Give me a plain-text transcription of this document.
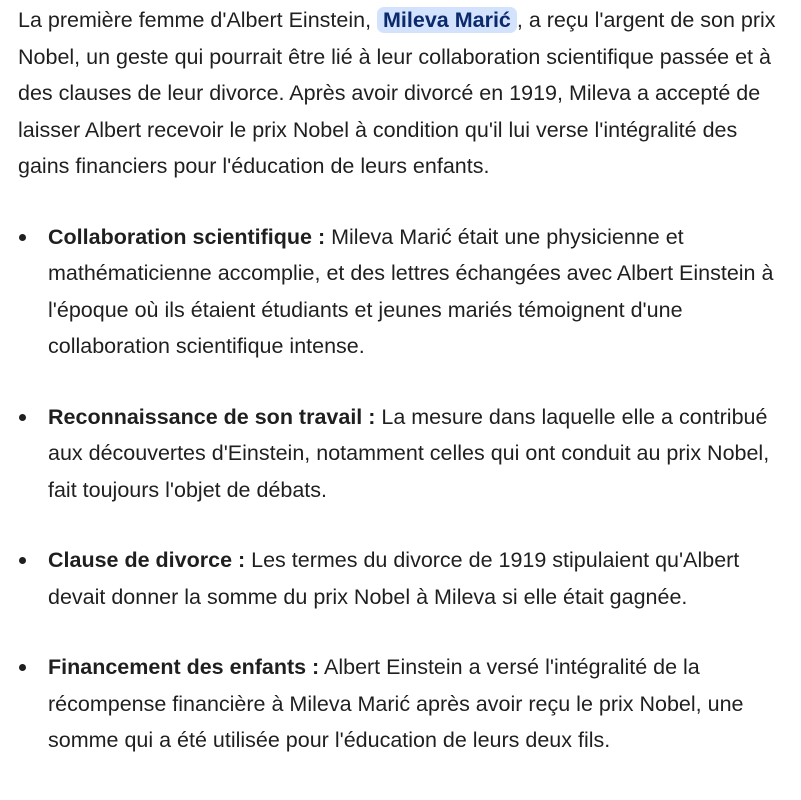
La première femme d'Albert Einstein, Mileva Marić , a reçu l'argent de son prix Nobel, un geste qui pourrait être lié à leur collaboration scientifique passée et à des clauses de leur divorce. Après avoir divorcé en 1919, Mileva a accepté de laisser Albert recevoir le prix Nobel à condition qu'il lui verse l'intégralité des gains financiers pour l'éducation de leurs enfants.

Collaboration scientifique : Mileva Marić était une physicienne et mathématicienne accomplie, et des lettres échangées avec Albert Einstein à l'époque où ils étaient étudiants et jeunes mariés témoignent d'une collaboration scientifique intense.
Reconnaissance de son travail : La mesure dans laquelle elle a contribué aux découvertes d'Einstein, notamment celles qui ont conduit au prix Nobel, fait toujours l'objet de débats.
Clause de divorce : Les termes du divorce de 1919 stipulaient qu'Albert devait donner la somme du prix Nobel à Mileva si elle était gagnée.
Financement des enfants : Albert Einstein a versé l'intégralité de la récompense financière à Mileva Marić après avoir reçu le prix Nobel, une somme qui a été utilisée pour l'éducation de leurs deux fils.
